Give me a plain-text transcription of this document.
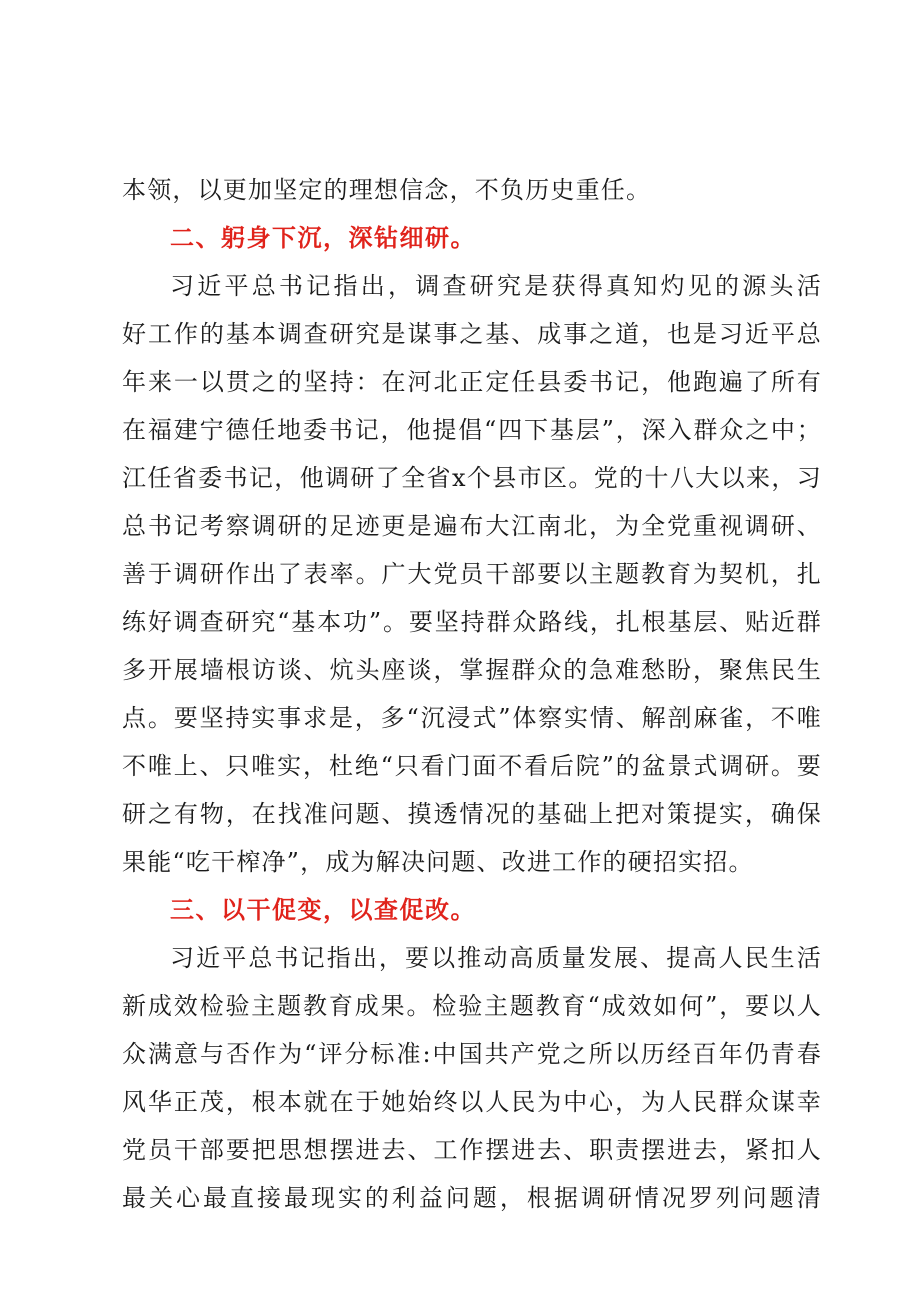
本领，以更加坚定的理想信念，不负历史重任。
二、躬身下沉，深钻细研。
习近平总书记指出，调查研究是获得真知灼见的源头活
好工作的基本调查研究是谋事之基、成事之道，也是习近平总
年来一以贯之的坚持：在河北正定任县委书记，他跑遍了所有
在福建宁德任地委书记，他提倡“四下基层”，深入群众之中；
江任省委书记，他调研了全省x个县市区。党的十八大以来，习
总书记考察调研的足迹更是遍布大江南北，为全党重视调研、
善于调研作出了表率。广大党员干部要以主题教育为契机，扎
练好调查研究“基本功”。要坚持群众路线，扎根基层、贴近群
多开展墙根访谈、炕头座谈，掌握群众的急难愁盼，聚焦民生
点。要坚持实事求是，多“沉浸式”体察实情、解剖麻雀，不唯
不唯上、只唯实，杜绝“只看门面不看后院”的盆景式调研。要
研之有物，在找准问题、摸透情况的基础上把对策提实，确保
果能“吃干榨净”，成为解决问题、改进工作的硬招实招。
三、以干促变，以查促改。
习近平总书记指出，要以推动高质量发展、提高人民生活
新成效检验主题教育成果。检验主题教育“成效如何”，要以人
众满意与否作为“评分标准:中国共产党之所以历经百年仍青春
风华正茂，根本就在于她始终以人民为中心，为人民群众谋幸
党员干部要把思想摆进去、工作摆进去、职责摆进去，紧扣人
最关心最直接最现实的利益问题，根据调研情况罗列问题清
